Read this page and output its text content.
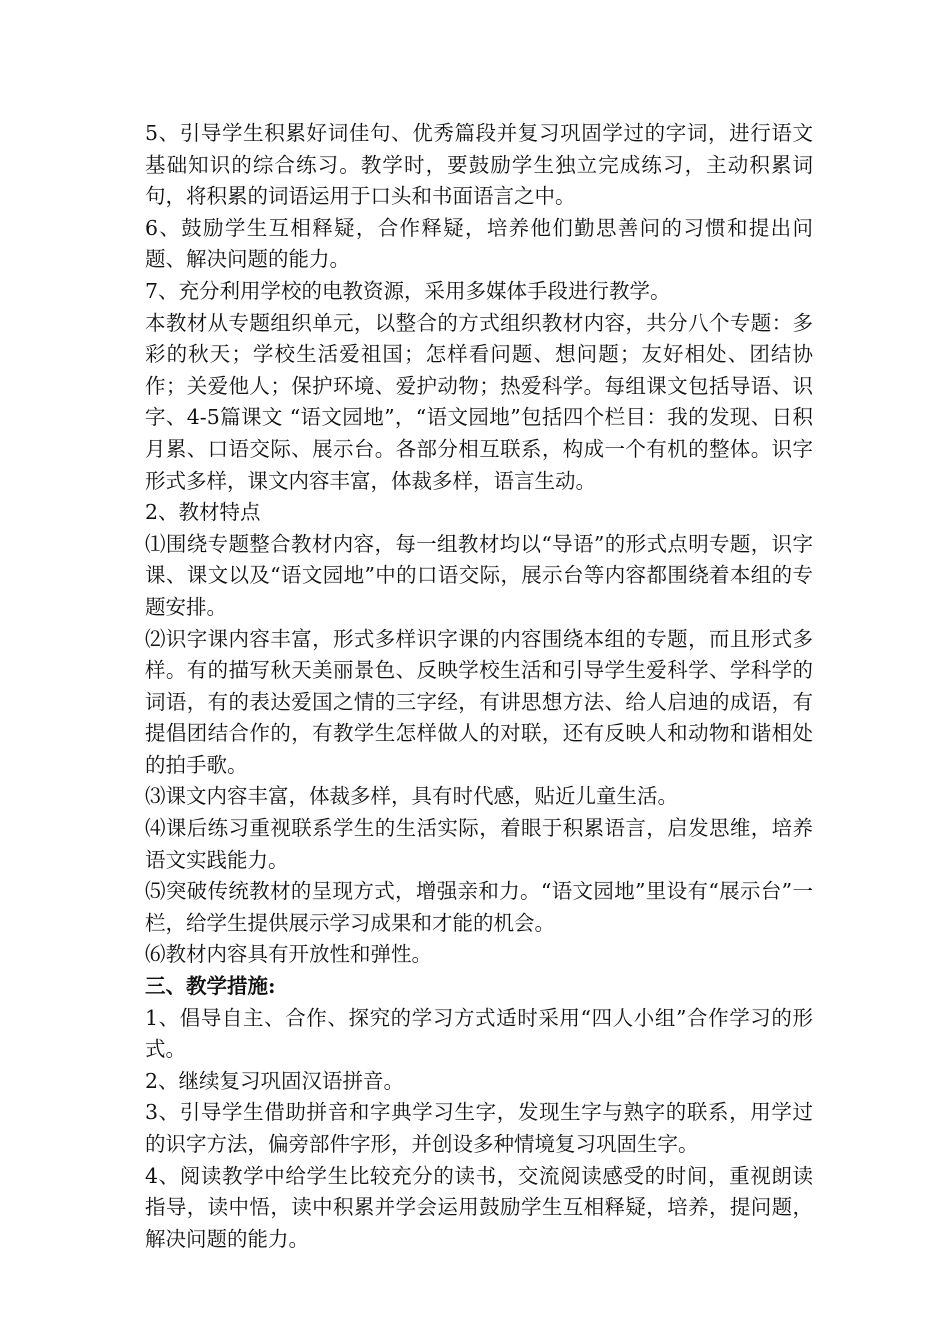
5、引导学生积累好词佳句、优秀篇段并复习巩固学过的字词，进行语文基础知识的综合练习。教学时，要鼓励学生独立完成练习，主动积累词句，将积累的词语运用于口头和书面语言之中。

6、鼓励学生互相释疑，合作释疑，培养他们勤思善问的习惯和提出问题、解决问题的能力。

7、充分利用学校的电教资源，采用多媒体手段进行教学。

本教材从专题组织单元，以整合的方式组织教材内容，共分八个专题：多彩的秋天；学校生活爱祖国；怎样看问题、想问题；友好相处、团结协作；关爱他人；保护环境、爱护动物；热爱科学。每组课文包括导语、识字、4-5篇课文 “语文园地”，“语文园地”包括四个栏目：我的发现、日积月累、口语交际、展示台。各部分相互联系，构成一个有机的整体。识字形式多样，课文内容丰富，体裁多样，语言生动。

2、教材特点

⑴围绕专题整合教材内容，每一组教材均以“导语”的形式点明专题，识字课、课文以及“语文园地”中的口语交际，展示台等内容都围绕着本组的专题安排。

⑵识字课内容丰富，形式多样识字课的内容围绕本组的专题，而且形式多样。有的描写秋天美丽景色、反映学校生活和引导学生爱科学、学科学的词语，有的表达爱国之情的三字经，有讲思想方法、给人启迪的成语，有提倡团结合作的，有教学生怎样做人的对联，还有反映人和动物和谐相处的拍手歌。

⑶课文内容丰富，体裁多样，具有时代感，贴近儿童生活。

⑷课后练习重视联系学生的生活实际，着眼于积累语言，启发思维，培养语文实践能力。

⑸突破传统教材的呈现方式，增强亲和力。“语文园地”里设有“展示台”一栏，给学生提供展示学习成果和才能的机会。

⑹教材内容具有开放性和弹性。

三、教学措施:

1、倡导自主、合作、探究的学习方式适时采用“四人小组”合作学习的形式。

2、继续复习巩固汉语拼音。

3、引导学生借助拼音和字典学习生字，发现生字与熟字的联系，用学过的识字方法，偏旁部件字形，并创设多种情境复习巩固生字。

4、阅读教学中给学生比较充分的读书，交流阅读感受的时间，重视朗读指导，读中悟，读中积累并学会运用鼓励学生互相释疑，培养，提问题，解决问题的能力。
